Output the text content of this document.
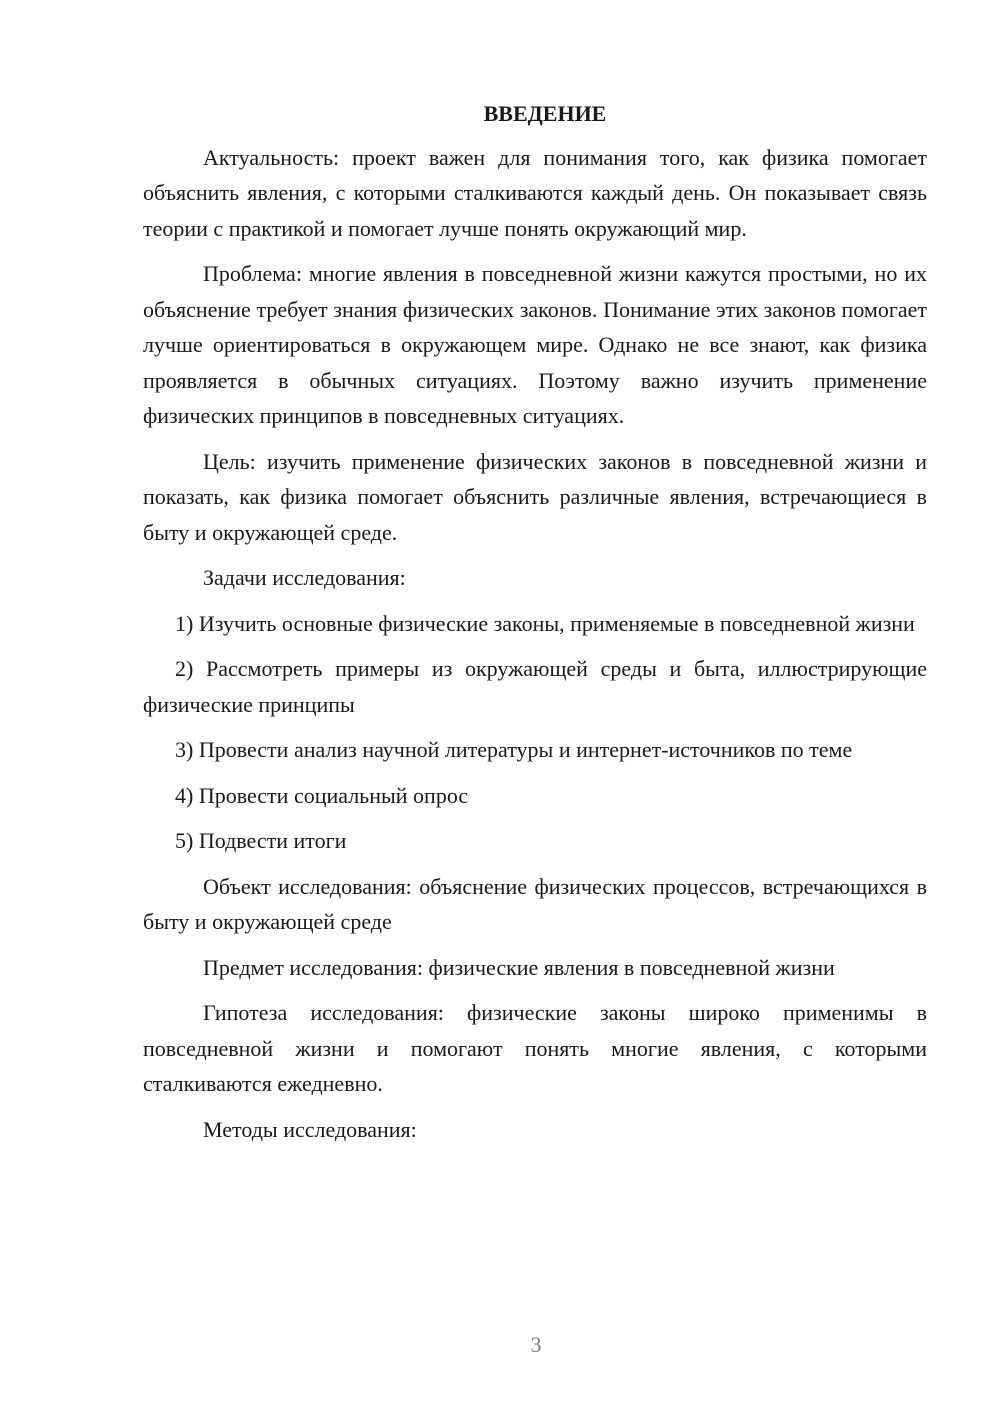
ВВЕДЕНИЕ

Актуальность: проект важен для понимания того, как физика помогает объяснить явления, с которыми сталкиваются каждый день. Он показывает связь теории с практикой и помогает лучше понять окружающий мир.

Проблема: многие явления в повседневной жизни кажутся простыми, но их объяснение требует знания физических законов. Понимание этих законов помогает лучше ориентироваться в окружающем мире. Однако не все знают, как физика проявляется в обычных ситуациях. Поэтому важно изучить применение физических принципов в повседневных ситуациях.

Цель: изучить применение физических законов в повседневной жизни и показать, как физика помогает объяснить различные явления, встречающиеся в быту и окружающей среде.

Задачи исследования:

1) Изучить основные физические законы, применяемые в повседневной жизни

2) Рассмотреть примеры из окружающей среды и быта, иллюстрирующие физические принципы

3) Провести анализ научной литературы и интернет-источников по теме

4) Провести социальный опрос

5) Подвести итоги

Объект исследования: объяснение физических процессов, встречающихся в быту и окружающей среде

Предмет исследования: физические явления в повседневной жизни

Гипотеза исследования: физические законы широко применимы в повседневной жизни и помогают понять многие явления, с которыми сталкиваются ежедневно.

Методы исследования:

3
